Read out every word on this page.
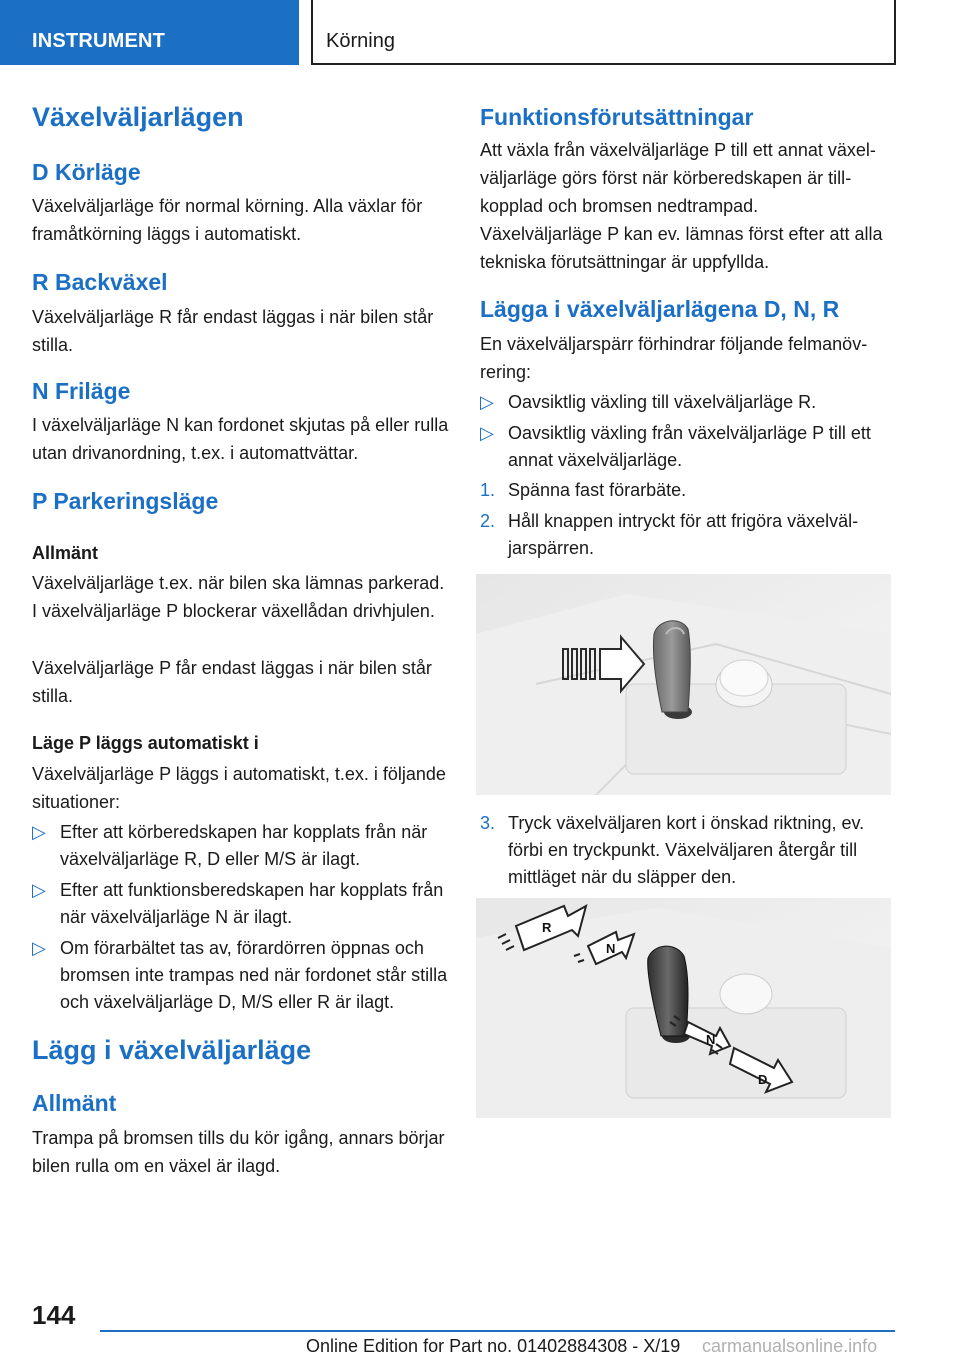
INSTRUMENT	Körning
Växelväljarlägen
D Körläge

Växelväljarläge för normal körning. Alla växlar för framåtkörning läggs i automatiskt.

R Backväxel

Växelväljarläge R får endast läggas i när bilen står stilla.

N Friläge

I växelväljarläge N kan fordonet skjutas på eller rulla utan drivanordning, t.ex. i automattvättar.

P Parkeringsläge
Allmänt

Växelväljarläge t.ex. när bilen ska lämnas parkerad. I växelväljarläge P blockerar växellådan drivhjulen.

Växelväljarläge P får endast läggas i när bilen står stilla.

Läge P läggs automatiskt i

Växelväljarläge P läggs i automatiskt, t.ex. i följande situationer:

▷ Efter att körberedskapen har kopplats från när växelväljarläge R, D eller M/S är ilagt.
▷ Efter att funktionsberedskapen har kopplats från när växelväljarläge N är ilagt.
▷ Om förarbältet tas av, förardörren öppnas och bromsen inte trampas ned när fordonet står stilla och växelväljarläge D, M/S eller R är ilagt.
Lägg i växelväljarläge
Allmänt

Trampa på bromsen tills du kör igång, annars börjar bilen rulla om en växel är ilagd.

Funktionsförutsättningar

Att växla från växelväljarläge P till ett annat växelväljarläge görs först när körberedskapen är tillkopplad och bromsen nedtrampad.

Växelväljarläge P kan ev. lämnas först efter att alla tekniska förutsättningar är uppfyllda.

Lägga i växelväljarlägena D, N, R

En växelväljarspärr förhindrar följande felmanövrering:

▷ Oavsiktlig växling till växelväljarläge R.
▷ Oavsiktlig växling från växelväljarläge P till ett annat växelväljarläge.
1. Spänna fast förarbäte.
2. Håll knappen intryckt för att frigöra växelväljarspärren.
3. Tryck växelväljaren kort i önskad riktning, ev. förbi en tryckpunkt. Växelväljaren återgår till mittläget när du släpper den.
R
N
N
D
144
Online Edition for Part no. 01402884308 - X/19 carmanualsonline.info
